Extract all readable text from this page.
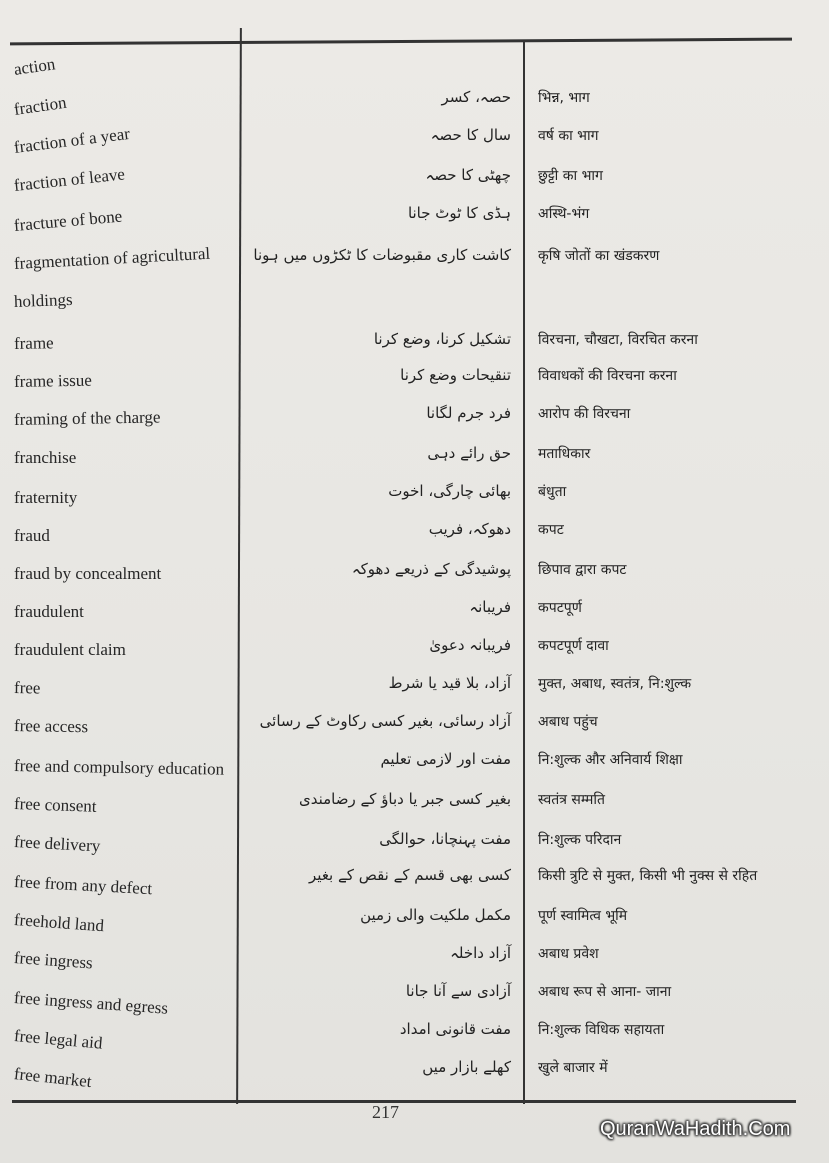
action
fraction	حصہ، کسر भिन्न, भाग
fraction of a year	سال کا حصہ वर्ष का भाग
fraction of leave	چھٹی کا حصہ छुट्टी का भाग
fracture of bone	ہڈی کا ٹوٹ جانا अस्थि-भंग
fragmentation of agricultural	کاشت کاری مقبوضات کا ٹکڑوں میں ہونا कृषि जोतों का खंडकरण
holdings
frame	تشکیل کرنا، وضع کرنا विरचना, चौखटा, विरचित करना
frame issue	تنقیحات وضع کرنا विवाधकों की विरचना करना
framing of the charge	فرد جرم لگانا आरोप की विरचना
franchise	حق رائے دہی मताधिकार
fraternity	بھائی چارگی، اخوت बंधुता
fraud	دھوکہ، فریب कपट
fraud by concealment	پوشیدگی کے ذریعے دھوکہ छिपाव द्वारा कपट
fraudulent	فریبانہ कपटपूर्ण
fraudulent claim	فریبانہ دعویٰ कपटपूर्ण दावा
free	آزاد، بلا قید یا شرط मुक्त, अबाध, स्वतंत्र, नि:शुल्क
free access	آزاد رسائی، بغیر کسی رکاوٹ کے رسائی अबाध पहुंच
free and compulsory education	مفت اور لازمی تعلیم नि:शुल्क और अनिवार्य शिक्षा
free consent	بغیر کسی جبر یا دباؤ کے رضامندی स्वतंत्र सम्मति
free delivery	مفت پہنچانا، حوالگی नि:शुल्क परिदान
free from any defect	کسی بھی قسم کے نقص کے بغیر किसी त्रुटि से मुक्त, किसी भी नुक्स से रहित
freehold land	مکمل ملکیت والی زمین पूर्ण स्वामित्व भूमि
free ingress	آزاد داخلہ अबाध प्रवेश
free ingress and egress	آزادی سے آنا جانا अबाध रूप से आना- जाना
free legal aid	مفت قانونی امداد नि:शुल्क विधिक सहायता
free market	کھلے بازار میں खुले बाजार में
217
QuranWaHadith.Com
